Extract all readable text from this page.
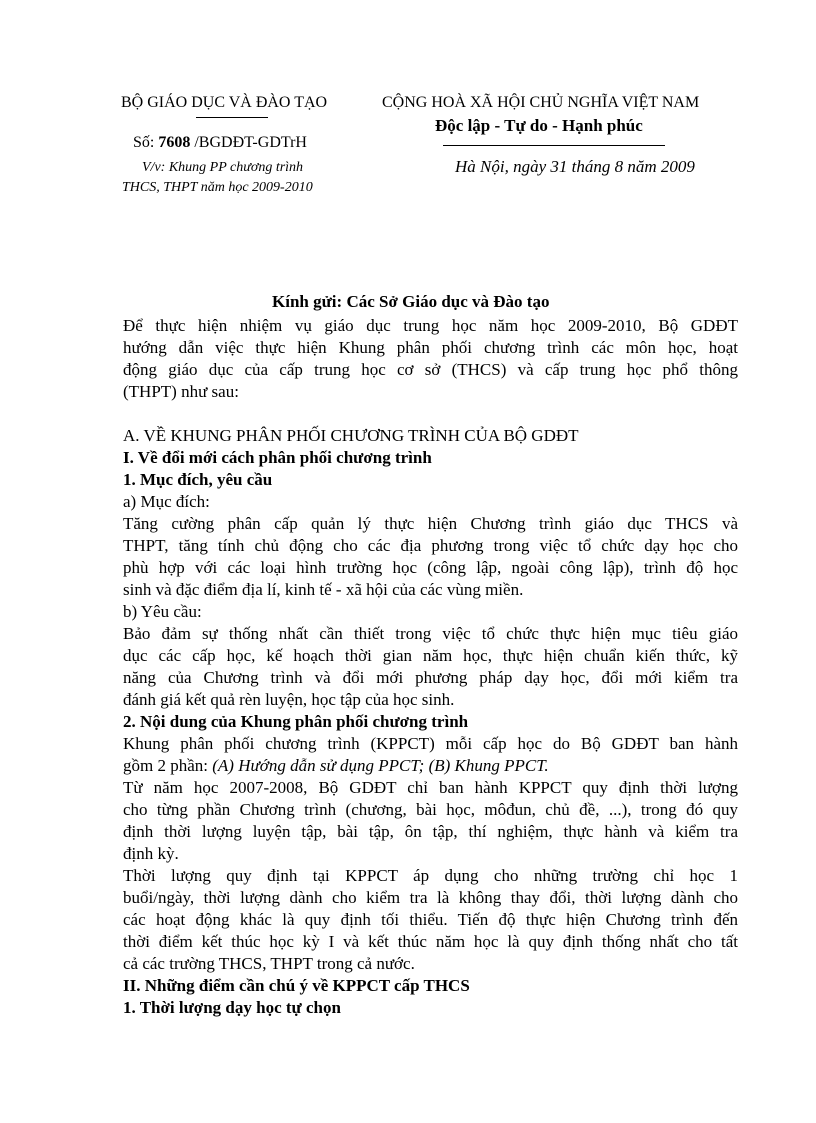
BỘ GIÁO DỤC VÀ ĐÀO TẠO
Số: 7608 /BGDĐT-GDTrH
V/v: Khung PP chương trình
THCS, THPT năm học 2009-2010
CỘNG HOÀ XÃ HỘI CHỦ NGHĨA VIỆT NAM
Độc lập - Tự do - Hạnh phúc
Hà Nội, ngày 31 tháng 8 năm 2009
Kính gửi: Các Sở Giáo dục và Đào tạo
Để thực hiện nhiệm vụ giáo dục trung học năm học 2009-2010, Bộ GDĐT
hướng dẫn việc thực hiện Khung phân phối chương trình các môn học, hoạt
động giáo dục của cấp trung học cơ sở (THCS) và cấp trung học phổ thông
(THPT) như sau:
A. VỀ KHUNG PHÂN PHỐI CHƯƠNG TRÌNH CỦA BỘ GDĐT
I. Về đổi mới cách phân phối chương trình
1. Mục đích, yêu cầu
a) Mục đích:
Tăng cường phân cấp quản lý thực hiện Chương trình giáo dục THCS và
THPT, tăng tính chủ động cho các địa phương trong việc tổ chức dạy học cho
phù hợp với các loại hình trường học (công lập, ngoài công lập), trình độ học
sinh và đặc điểm địa lí, kinh tế - xã hội của các vùng miền.
b) Yêu cầu:
Bảo đảm sự thống nhất cần thiết trong việc tổ chức thực hiện mục tiêu giáo
dục các cấp học, kế hoạch thời gian năm học, thực hiện chuẩn kiến thức, kỹ
năng của Chương trình và đổi mới phương pháp dạy học, đổi mới kiểm tra
đánh giá kết quả rèn luyện, học tập của học sinh.
2. Nội dung của Khung phân phối chương trình
Khung phân phối chương trình (KPPCT) mỗi cấp học do Bộ GDĐT ban hành
gồm 2 phần: (A) Hướng dẫn sử dụng PPCT; (B) Khung PPCT.
Từ năm học 2007-2008, Bộ GDĐT chỉ ban hành KPPCT quy định thời lượng
cho từng phần Chương trình (chương, bài học, môđun, chủ đề, ...), trong đó quy
định thời lượng luyện tập, bài tập, ôn tập, thí nghiệm, thực hành và kiểm tra
định kỳ.
Thời lượng quy định tại KPPCT áp dụng cho những trường chỉ học 1
buổi/ngày, thời lượng dành cho kiểm tra là không thay đổi, thời lượng dành cho
các hoạt động khác là quy định tối thiểu. Tiến độ thực hiện Chương trình đến
thời điểm kết thúc học kỳ I và kết thúc năm học là quy định thống nhất cho tất
cả các trường THCS, THPT trong cả nước.
II. Những điểm cần chú ý về KPPCT cấp THCS
1. Thời lượng dạy học tự chọn
